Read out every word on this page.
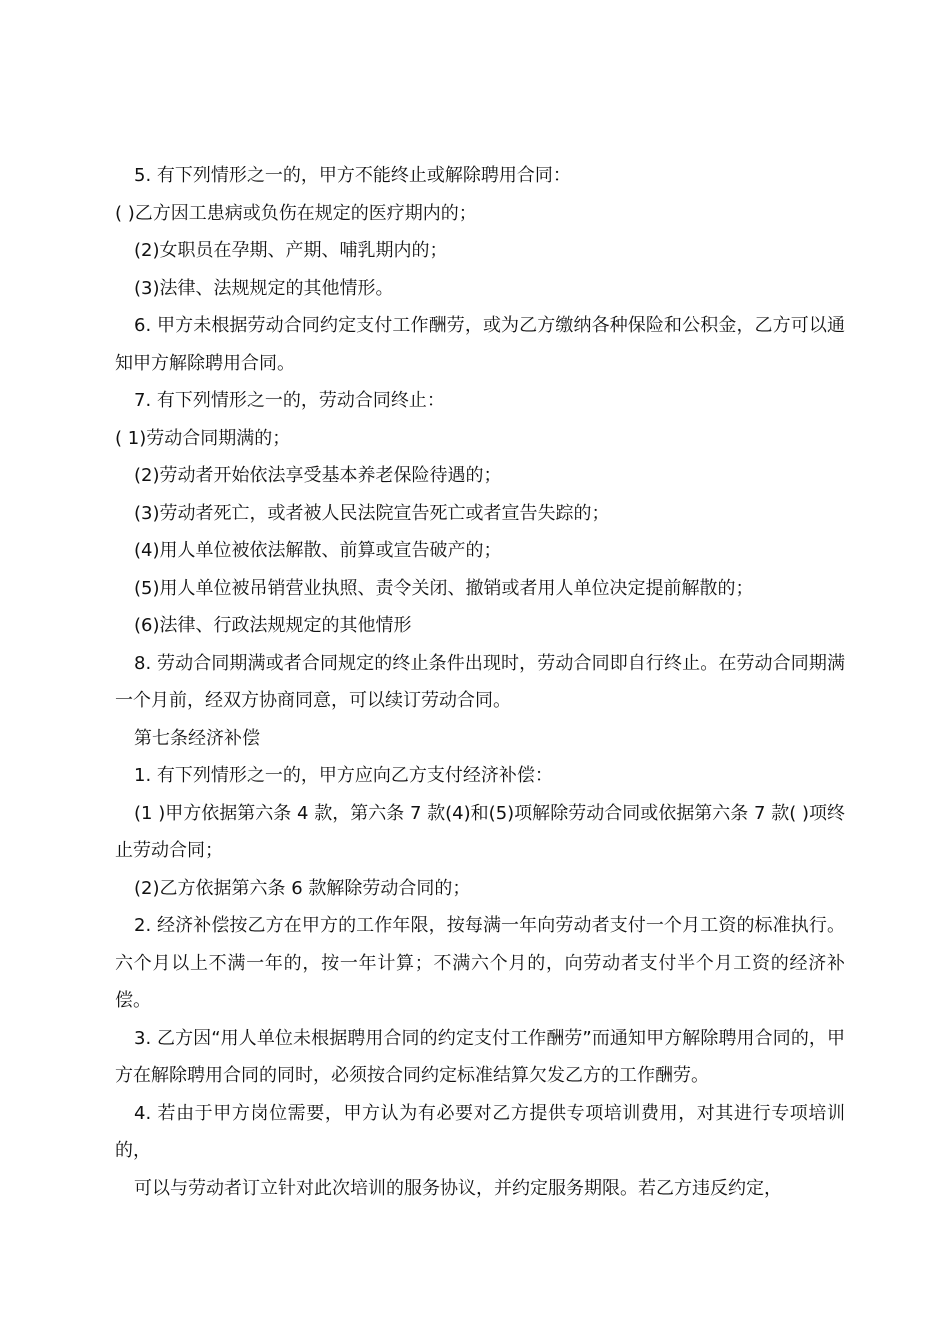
5. 有下列情形之一的，甲方不能终止或解除聘用合同：

( )乙方因工患病或负伤在规定的医疗期内的；

(2)女职员在孕期、产期、哺乳期内的；

(3)法律、法规规定的其他情形。

6. 甲方未根据劳动合同约定支付工作酬劳，或为乙方缴纳各种保险和公积金，乙方可以通知甲方解除聘用合同。

7. 有下列情形之一的，劳动合同终止：

( 1)劳动合同期满的；

(2)劳动者开始依法享受基本养老保险待遇的；

(3)劳动者死亡，或者被人民法院宣告死亡或者宣告失踪的；

(4)用人单位被依法解散、前算或宣告破产的；

(5)用人单位被吊销营业执照、责令关闭、撤销或者用人单位决定提前解散的；

(6)法律、行政法规规定的其他情形

8. 劳动合同期满或者合同规定的终止条件出现时，劳动合同即自行终止。在劳动合同期满一个月前，经双方协商同意，可以续订劳动合同。

第七条经济补偿

1. 有下列情形之一的，甲方应向乙方支付经济补偿：

(1 )甲方依据第六条 4 款，第六条 7 款(4)和(5)项解除劳动合同或依据第六条 7 款( )项终止劳动合同；

(2)乙方依据第六条 6 款解除劳动合同的；

2. 经济补偿按乙方在甲方的工作年限，按每满一年向劳动者支付一个月工资的标准执行。六个月以上不满一年的，按一年计算；不满六个月的，向劳动者支付半个月工资的经济补偿。

3. 乙方因“用人单位未根据聘用合同的约定支付工作酬劳”而通知甲方解除聘用合同的，甲方在解除聘用合同的同时，必须按合同约定标准结算欠发乙方的工作酬劳。

4. 若由于甲方岗位需要，甲方认为有必要对乙方提供专项培训费用，对其进行专项培训的，

可以与劳动者订立针对此次培训的服务协议，并约定服务期限。若乙方违反约定，
